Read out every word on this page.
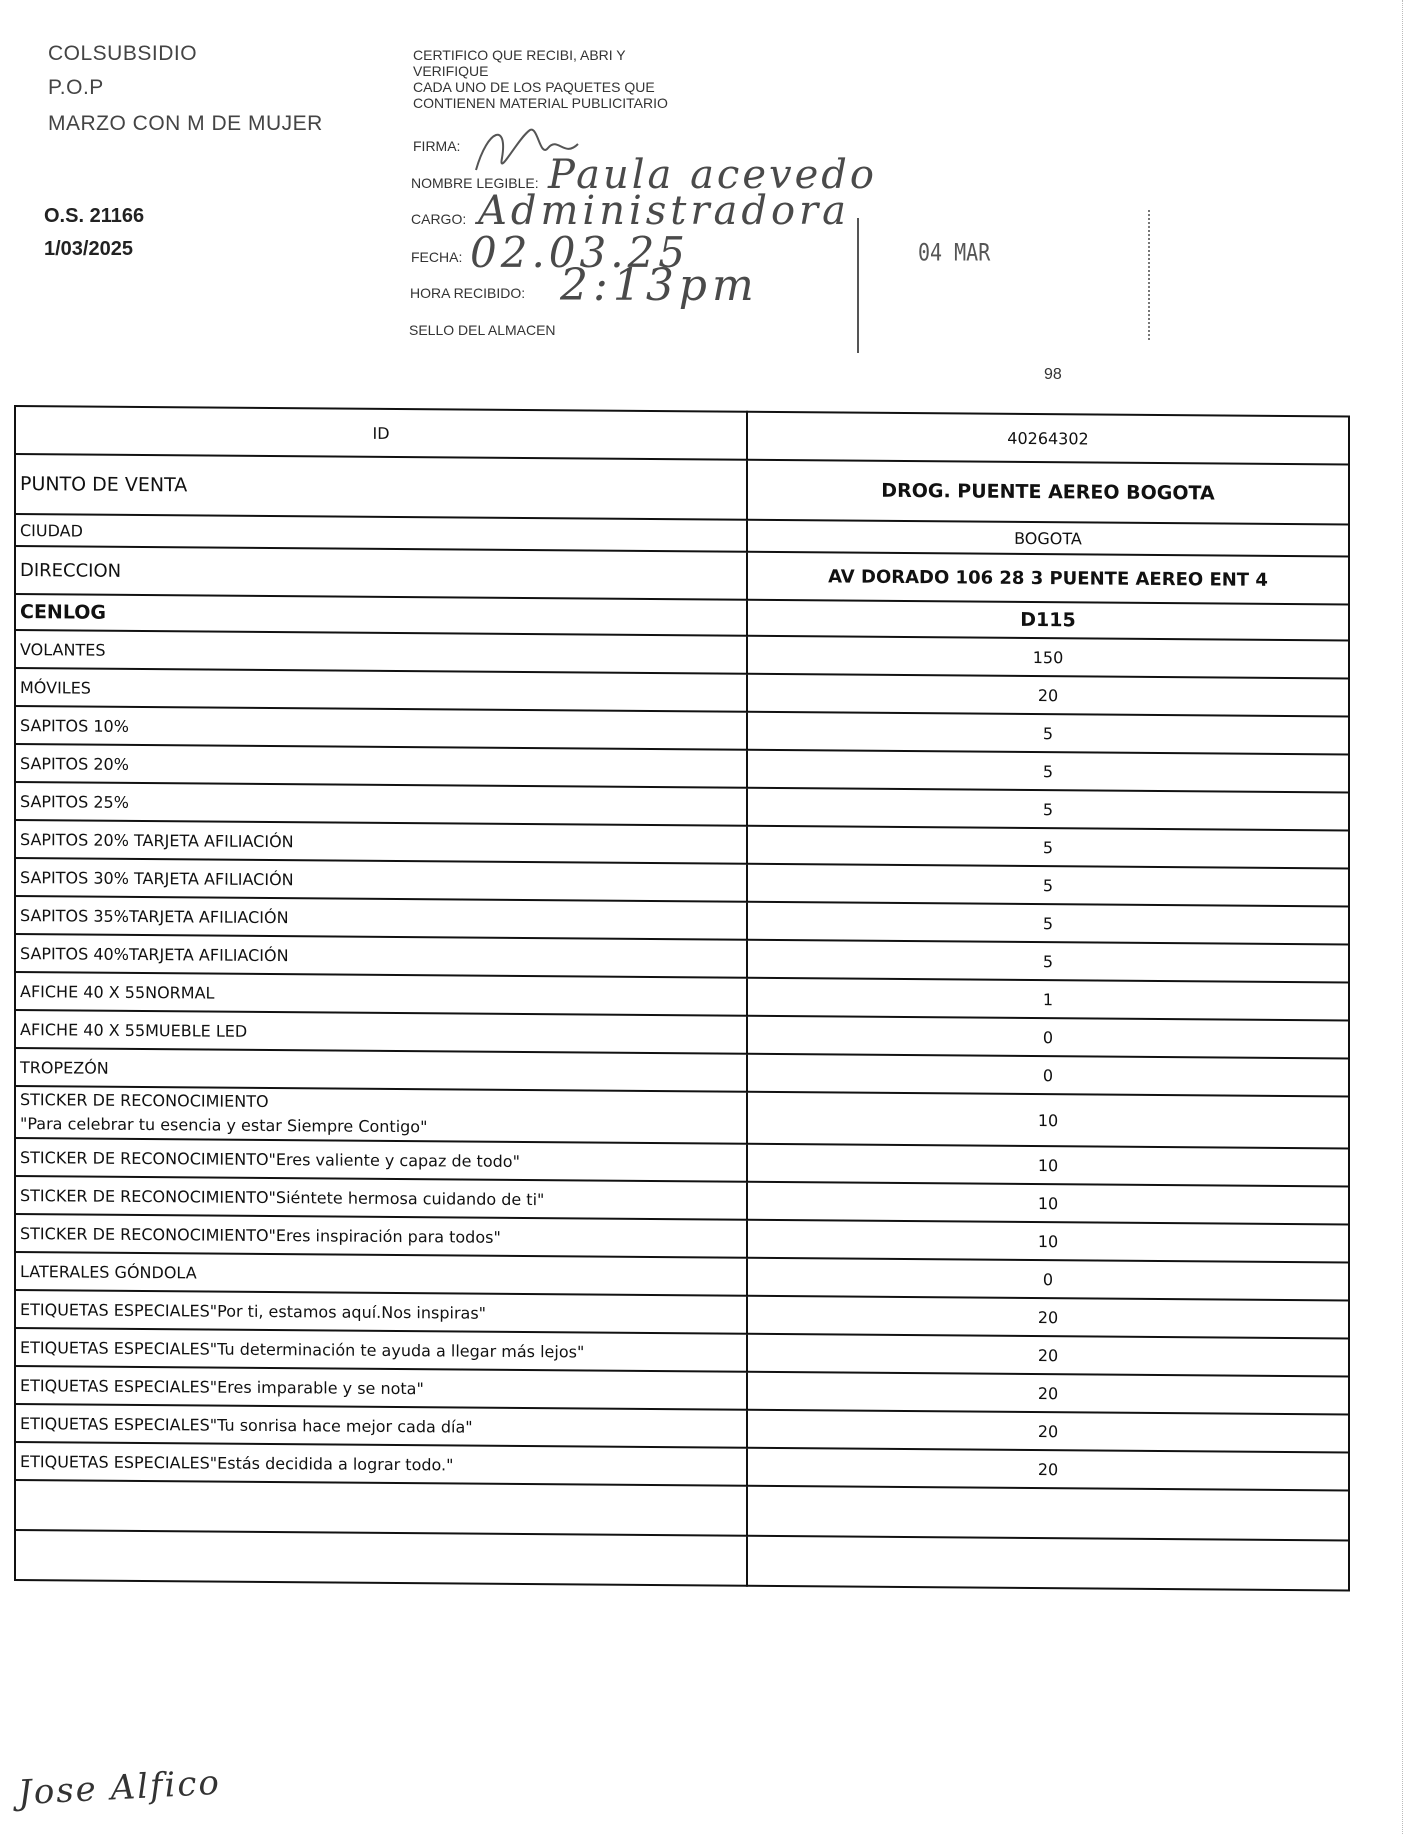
COLSUBSIDIO
P.O.P
MARZO CON M DE MUJER
O.S. 21166
1/03/2025
CERTIFICO QUE RECIBI, ABRI Y
VERIFIQUE
CADA UNO DE LOS PAQUETES QUE
CONTIENEN MATERIAL PUBLICITARIO
FIRMA:
NOMBRE LEGIBLE: Paula acevedo
CARGO: Administradora
FECHA: 02.03.25
HORA RECIBIDO: 2:13pm
SELLO DEL ALMACEN
04 MAR
98
ID	40264302
PUNTO DE VENTA	DROG. PUENTE AEREO BOGOTA
CIUDAD	BOGOTA
DIRECCION	AV DORADO 106 28 3 PUENTE AEREO ENT 4
CENLOG	D115
VOLANTES	150
MÓVILES	20
SAPITOS 10%	5
SAPITOS 20%	5
SAPITOS 25%	5
SAPITOS 20% TARJETA AFILIACIÓN	5
SAPITOS 30% TARJETA AFILIACIÓN	5
SAPITOS 35%TARJETA AFILIACIÓN	5
SAPITOS 40%TARJETA AFILIACIÓN	5
AFICHE 40 X 55NORMAL	1
AFICHE 40 X 55MUEBLE LED	0
TROPEZÓN	0

STICKER DE RECONOCIMIENTO
"Para celebrar tu esencia y estar Siempre Contigo"	10
STICKER DE RECONOCIMIENTO"Eres valiente y capaz de todo"	10
STICKER DE RECONOCIMIENTO"Siéntete hermosa cuidando de ti"	10
STICKER DE RECONOCIMIENTO"Eres inspiración para todos"	10
LATERALES GÓNDOLA	0
ETIQUETAS ESPECIALES"Por ti, estamos aquí.Nos inspiras"	20
ETIQUETAS ESPECIALES"Tu determinación te ayuda a llegar más lejos"	20
ETIQUETAS ESPECIALES"Eres imparable y se nota"	20
ETIQUETAS ESPECIALES"Tu sonrisa hace mejor cada día"	20
ETIQUETAS ESPECIALES"Estás decidida a lograr todo."	20

Jose Alfico
